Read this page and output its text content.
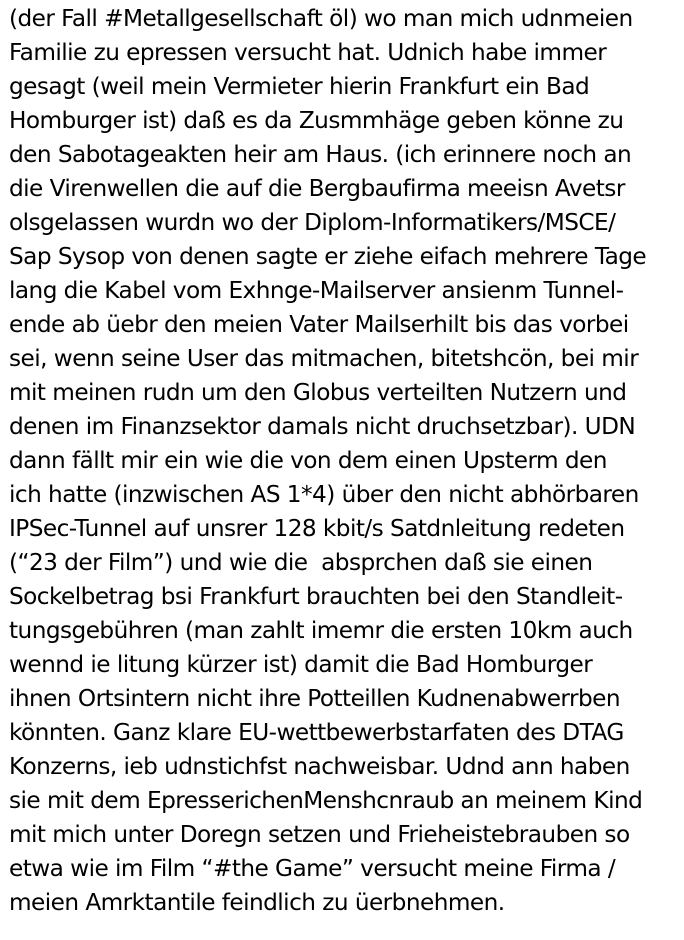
(der Fall #Metallgesellschaft öl) wo man mich udnmeien
Familie zu epressen versucht hat. Udnich habe immer
gesagt (weil mein Vermieter hierin Frankfurt ein Bad
Homburger ist) daß es da Zusmmhäge geben könne zu
den Sabotageakten heir am Haus. (ich erinnere noch an
die Virenwellen die auf die Bergbaufirma meeisn Avetsr
olsgelassen wurdn wo der Diplom-Informatikers/MSCE/
Sap Sysop von denen sagte er ziehe eifach mehrere Tage
lang die Kabel vom Exhnge-Mailserver ansienm Tunnel-
ende ab üebr den meien Vater Mailserhilt bis das vorbei
sei, wenn seine User das mitmachen, bitetshcön, bei mir
mit meinen rudn um den Globus verteilten Nutzern und
denen im Finanzsektor damals nicht druchsetzbar). UDN
dann fällt mir ein wie die von dem einen Upsterm den
ich hatte (inzwischen AS 1*4) über den nicht abhörbaren
IPSec-Tunnel auf unsrer 128 kbit/s Satdnleitung redeten
(“23 der Film”) und wie die  absprchen daß sie einen
Sockelbetrag bsi Frankfurt brauchten bei den Standleit-
tungsgebühren (man zahlt imemr die ersten 10km auch
wennd ie litung kürzer ist) damit die Bad Homburger
ihnen Ortsintern nicht ihre Potteillen Kudnenabwerrben
könnten. Ganz klare EU-wettbewerbstarfaten des DTAG
Konzerns, ieb udnstichfst nachweisbar. Udnd ann haben
sie mit dem EpresserichenMenshcnraub an meinem Kind
mit mich unter Doregn setzen und Frieheistebrauben so
etwa wie im Film “#the Game” versucht meine Firma /
meien Amrktantile feindlich zu üerbnehmen.
